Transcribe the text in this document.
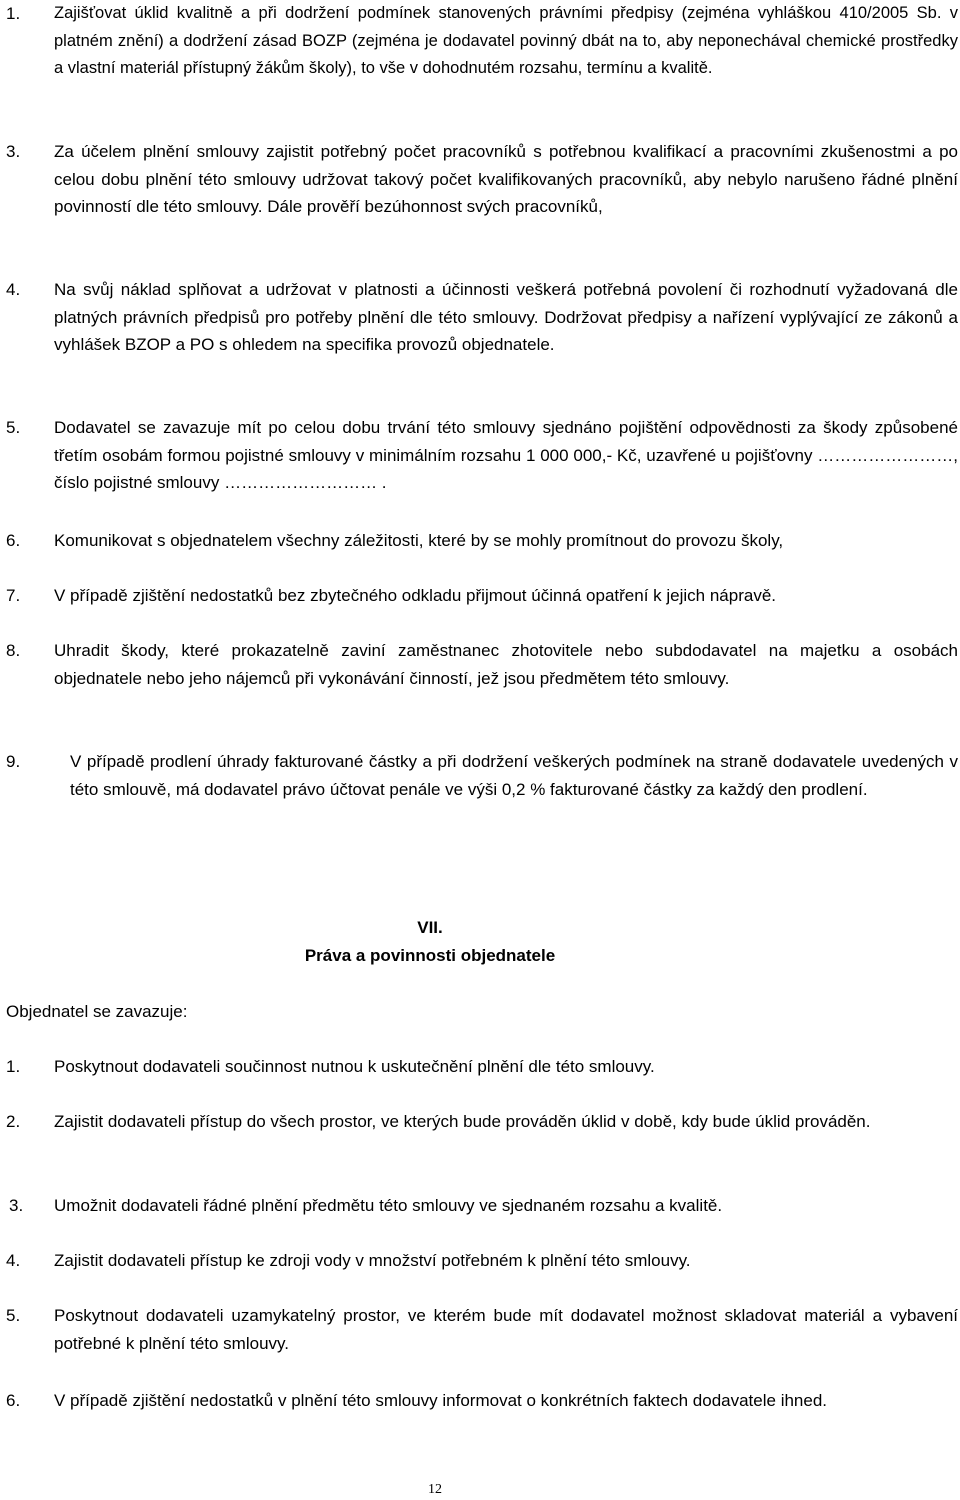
1. Zajišťovat úklid kvalitně a při dodržení podmínek stanovených právními předpisy (zejména vyhláškou 410/2005 Sb. v platném znění) a dodržení zásad BOZP (zejména je dodavatel povinný dbát na to, aby neponechával chemické prostředky a vlastní materiál přístupný žákům školy), to vše v dohodnutém rozsahu, termínu a kvalitě.
3. Za účelem plnění smlouvy zajistit potřebný počet pracovníků s potřebnou kvalifikací a pracovními zkušenostmi a po celou dobu plnění této smlouvy udržovat takový počet kvalifikovaných pracovníků, aby nebylo narušeno řádné plnění povinností dle této smlouvy. Dále prověří bezúhonnost svých pracovníků,
4. Na svůj náklad splňovat a udržovat v platnosti a účinnosti veškerá potřebná povolení či rozhodnutí vyžadovaná dle platných právních předpisů pro potřeby plnění dle této smlouvy. Dodržovat předpisy a nařízení vyplývající ze zákonů a vyhlášek BZOP a PO s ohledem na specifika provozů objednatele.
5. Dodavatel se zavazuje mít po celou dobu trvání této smlouvy sjednáno pojištění odpovědnosti za škody způsobené třetím osobám formou pojistné smlouvy v minimálním rozsahu 1 000 000,- Kč, uzavřené u pojišťovny ……………………, číslo pojistné smlouvy ……………………… .
6. Komunikovat s objednatelem všechny záležitosti, které by se mohly promítnout do provozu školy,
7. V případě zjištění nedostatků bez zbytečného odkladu přijmout účinná opatření k jejich nápravě.
8. Uhradit škody, které prokazatelně zaviní zaměstnanec zhotovitele nebo subdodavatel na majetku a osobách objednatele nebo jeho nájemců při vykonávání činností, jež jsou předmětem této smlouvy.
9.	V případě prodlení úhrady fakturované částky a při dodržení veškerých podmínek na straně dodavatele uvedených v této smlouvě, má dodavatel právo účtovat penále ve výši 0,2 % fakturované částky za každý den prodlení.
VII.
Práva a povinnosti objednatele
Objednatel se zavazuje:
1. Poskytnout dodavateli součinnost nutnou k uskutečnění plnění dle této smlouvy.
2. Zajistit dodavateli přístup do všech prostor, ve kterých bude prováděn úklid v době, kdy bude úklid prováděn.
3. Umožnit dodavateli řádné plnění předmětu této smlouvy ve sjednaném rozsahu a kvalitě.
4. Zajistit dodavateli přístup ke zdroji vody v množství potřebném k plnění této smlouvy.
5. Poskytnout dodavateli uzamykatelný prostor, ve kterém bude mít dodavatel možnost skladovat materiál a vybavení potřebné k plnění této smlouvy.
6. V případě zjištění nedostatků v plnění této smlouvy informovat o konkrétních faktech dodavatele ihned.
12
